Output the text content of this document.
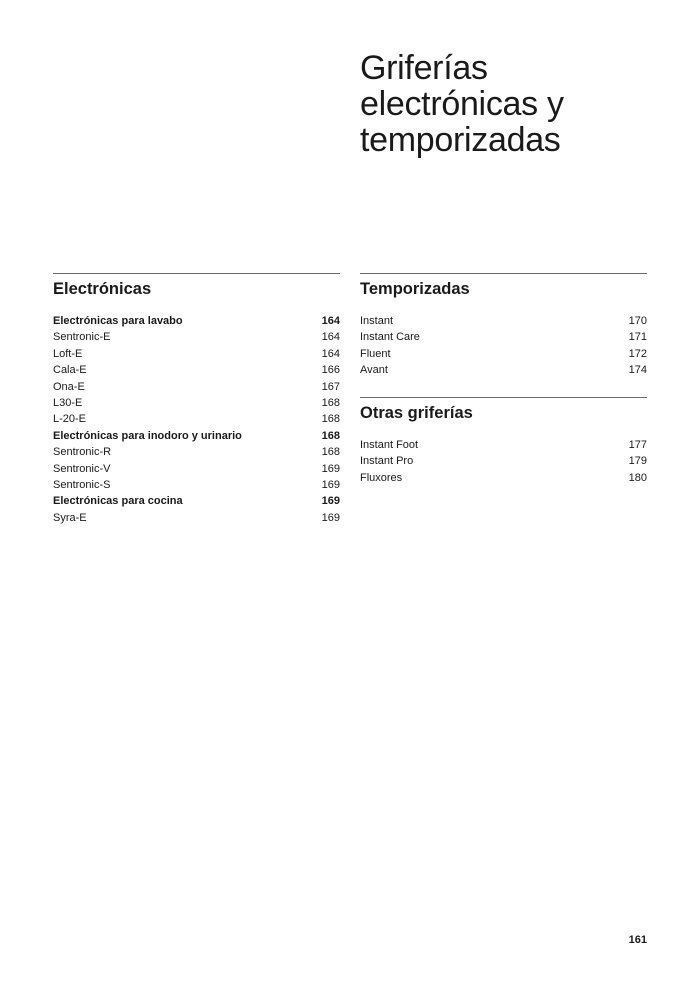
Griferías
electrónicas y
temporizadas
Electrónicas
Electrónicas para lavabo	164
Sentronic-E	164
Loft-E	164
Cala-E	166
Ona-E	167
L30-E	168
L-20-E	168
Electrónicas para inodoro y urinario	168
Sentronic-R	168
Sentronic-V	169
Sentronic-S	169
Electrónicas para cocina	169
Syra-E	169
Temporizadas
Instant	170
Instant Care	171
Fluent	172
Avant	174
Otras griferías
Instant Foot	177
Instant Pro	179
Fluxores	180
161
